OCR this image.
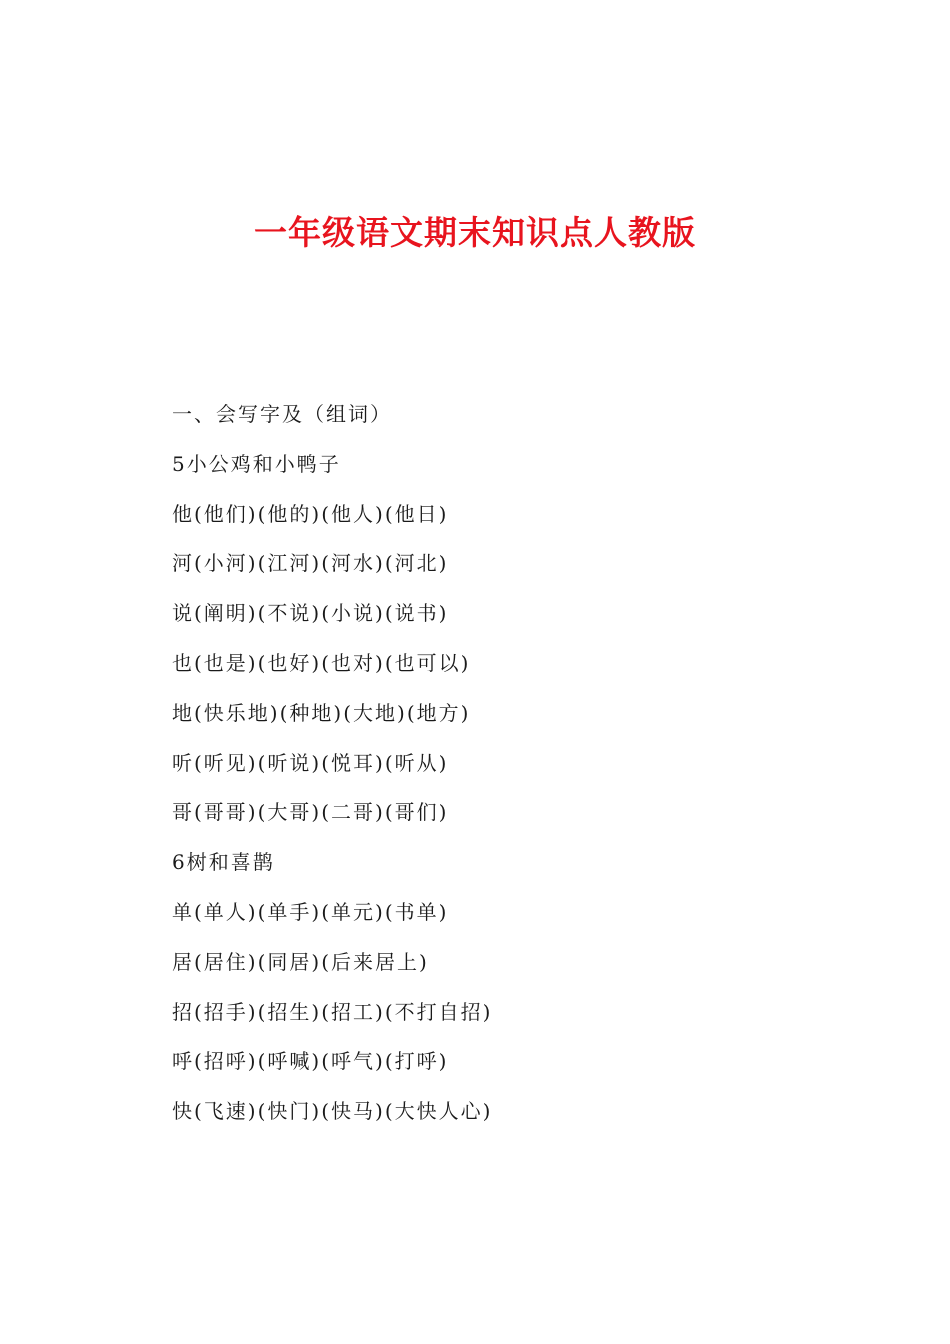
一年级语文期末知识点人教版
一、会写字及（组词）
5小公鸡和小鸭子
他(他们)(他的)(他人)(他日)
河(小河)(江河)(河水)(河北)
说(阐明)(不说)(小说)(说书)
也(也是)(也好)(也对)(也可以)
地(快乐地)(种地)(大地)(地方)
听(听见)(听说)(悦耳)(听从)
哥(哥哥)(大哥)(二哥)(哥们)
6树和喜鹊
单(单人)(单手)(单元)(书单)
居(居住)(同居)(后来居上)
招(招手)(招生)(招工)(不打自招)
呼(招呼)(呼喊)(呼气)(打呼)
快(飞速)(快门)(快马)(大快人心)
